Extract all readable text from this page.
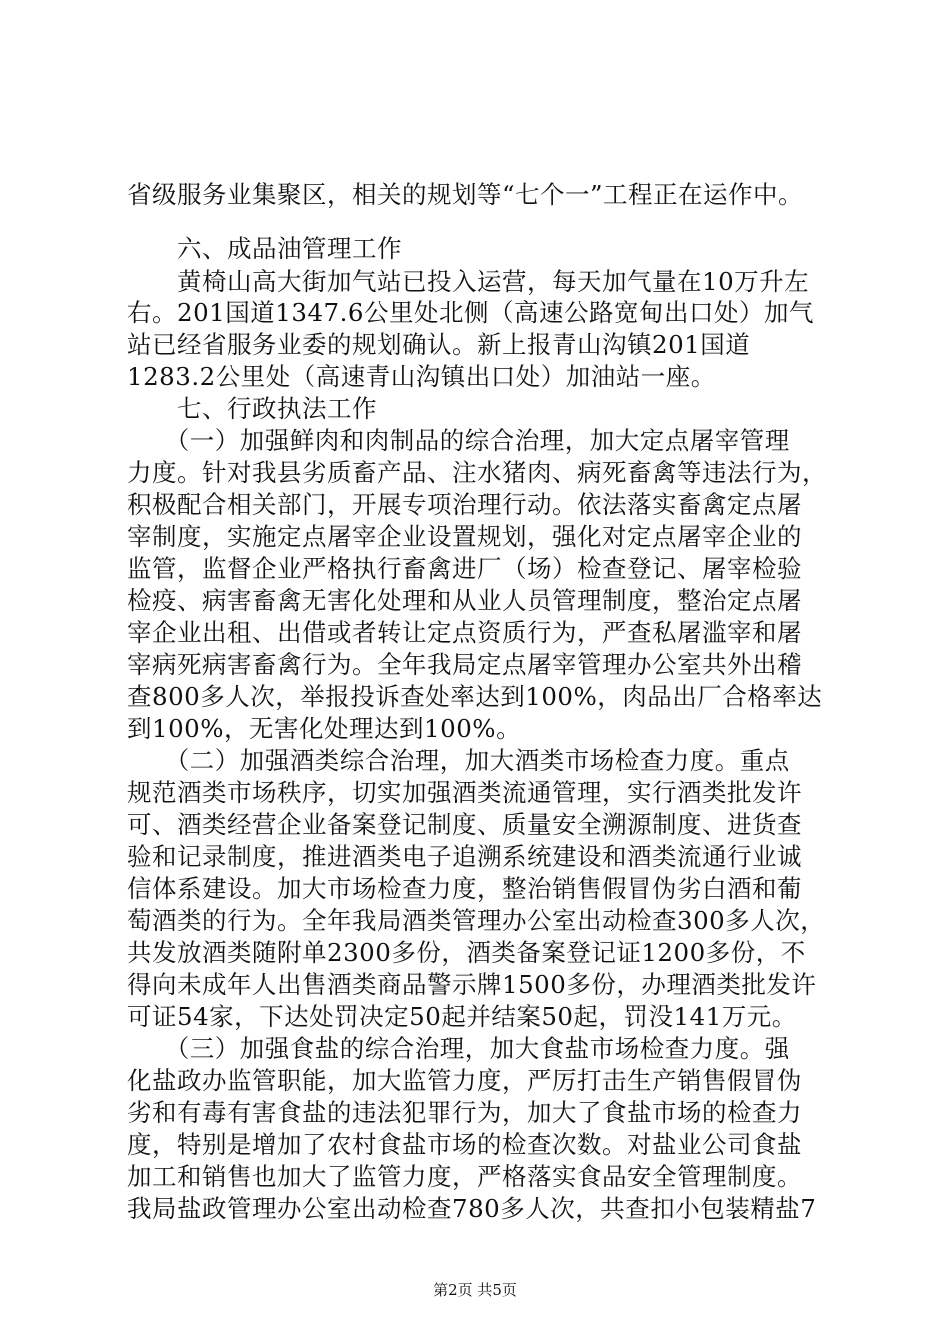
省级服务业集聚区，相关的规划等“七个一”工程正在运作中。
　　六、成品油管理工作
　　黄椅山高大街加气站已投入运营，每天加气量在10万升左
右。201国道1347.6公里处北侧（高速公路宽甸出口处）加气
站已经省服务业委的规划确认。新上报青山沟镇201国道
1283.2公里处（高速青山沟镇出口处）加油站一座。
　　七、行政执法工作
　　（一）加强鲜肉和肉制品的综合治理，加大定点屠宰管理
力度。针对我县劣质畜产品、注水猪肉、病死畜禽等违法行为，
积极配合相关部门，开展专项治理行动。依法落实畜禽定点屠
宰制度，实施定点屠宰企业设置规划，强化对定点屠宰企业的
监管，监督企业严格执行畜禽进厂（场）检查登记、屠宰检验
检疫、病害畜禽无害化处理和从业人员管理制度，整治定点屠
宰企业出租、出借或者转让定点资质行为，严查私屠滥宰和屠
宰病死病害畜禽行为。全年我局定点屠宰管理办公室共外出稽
查800多人次，举报投诉查处率达到100%，肉品出厂合格率达
到100%，无害化处理达到100%。
　　（二）加强酒类综合治理，加大酒类市场检查力度。重点
规范酒类市场秩序，切实加强酒类流通管理，实行酒类批发许
可、酒类经营企业备案登记制度、质量安全溯源制度、进货查
验和记录制度，推进酒类电子追溯系统建设和酒类流通行业诚
信体系建设。加大市场检查力度，整治销售假冒伪劣白酒和葡
萄酒类的行为。全年我局酒类管理办公室出动检查300多人次，
共发放酒类随附单2300多份，酒类备案登记证1200多份，不
得向未成年人出售酒类商品警示牌1500多份，办理酒类批发许
可证54家，下达处罚决定50起并结案50起，罚没141万元。
　　（三）加强食盐的综合治理，加大食盐市场检查力度。强
化盐政办监管职能，加大监管力度，严厉打击生产销售假冒伪
劣和有毒有害食盐的违法犯罪行为，加大了食盐市场的检查力
度，特别是增加了农村食盐市场的检查次数。对盐业公司食盐
加工和销售也加大了监管力度，严格落实食品安全管理制度。
我局盐政管理办公室出动检查780多人次，共查扣小包装精盐7
第2页 共5页
